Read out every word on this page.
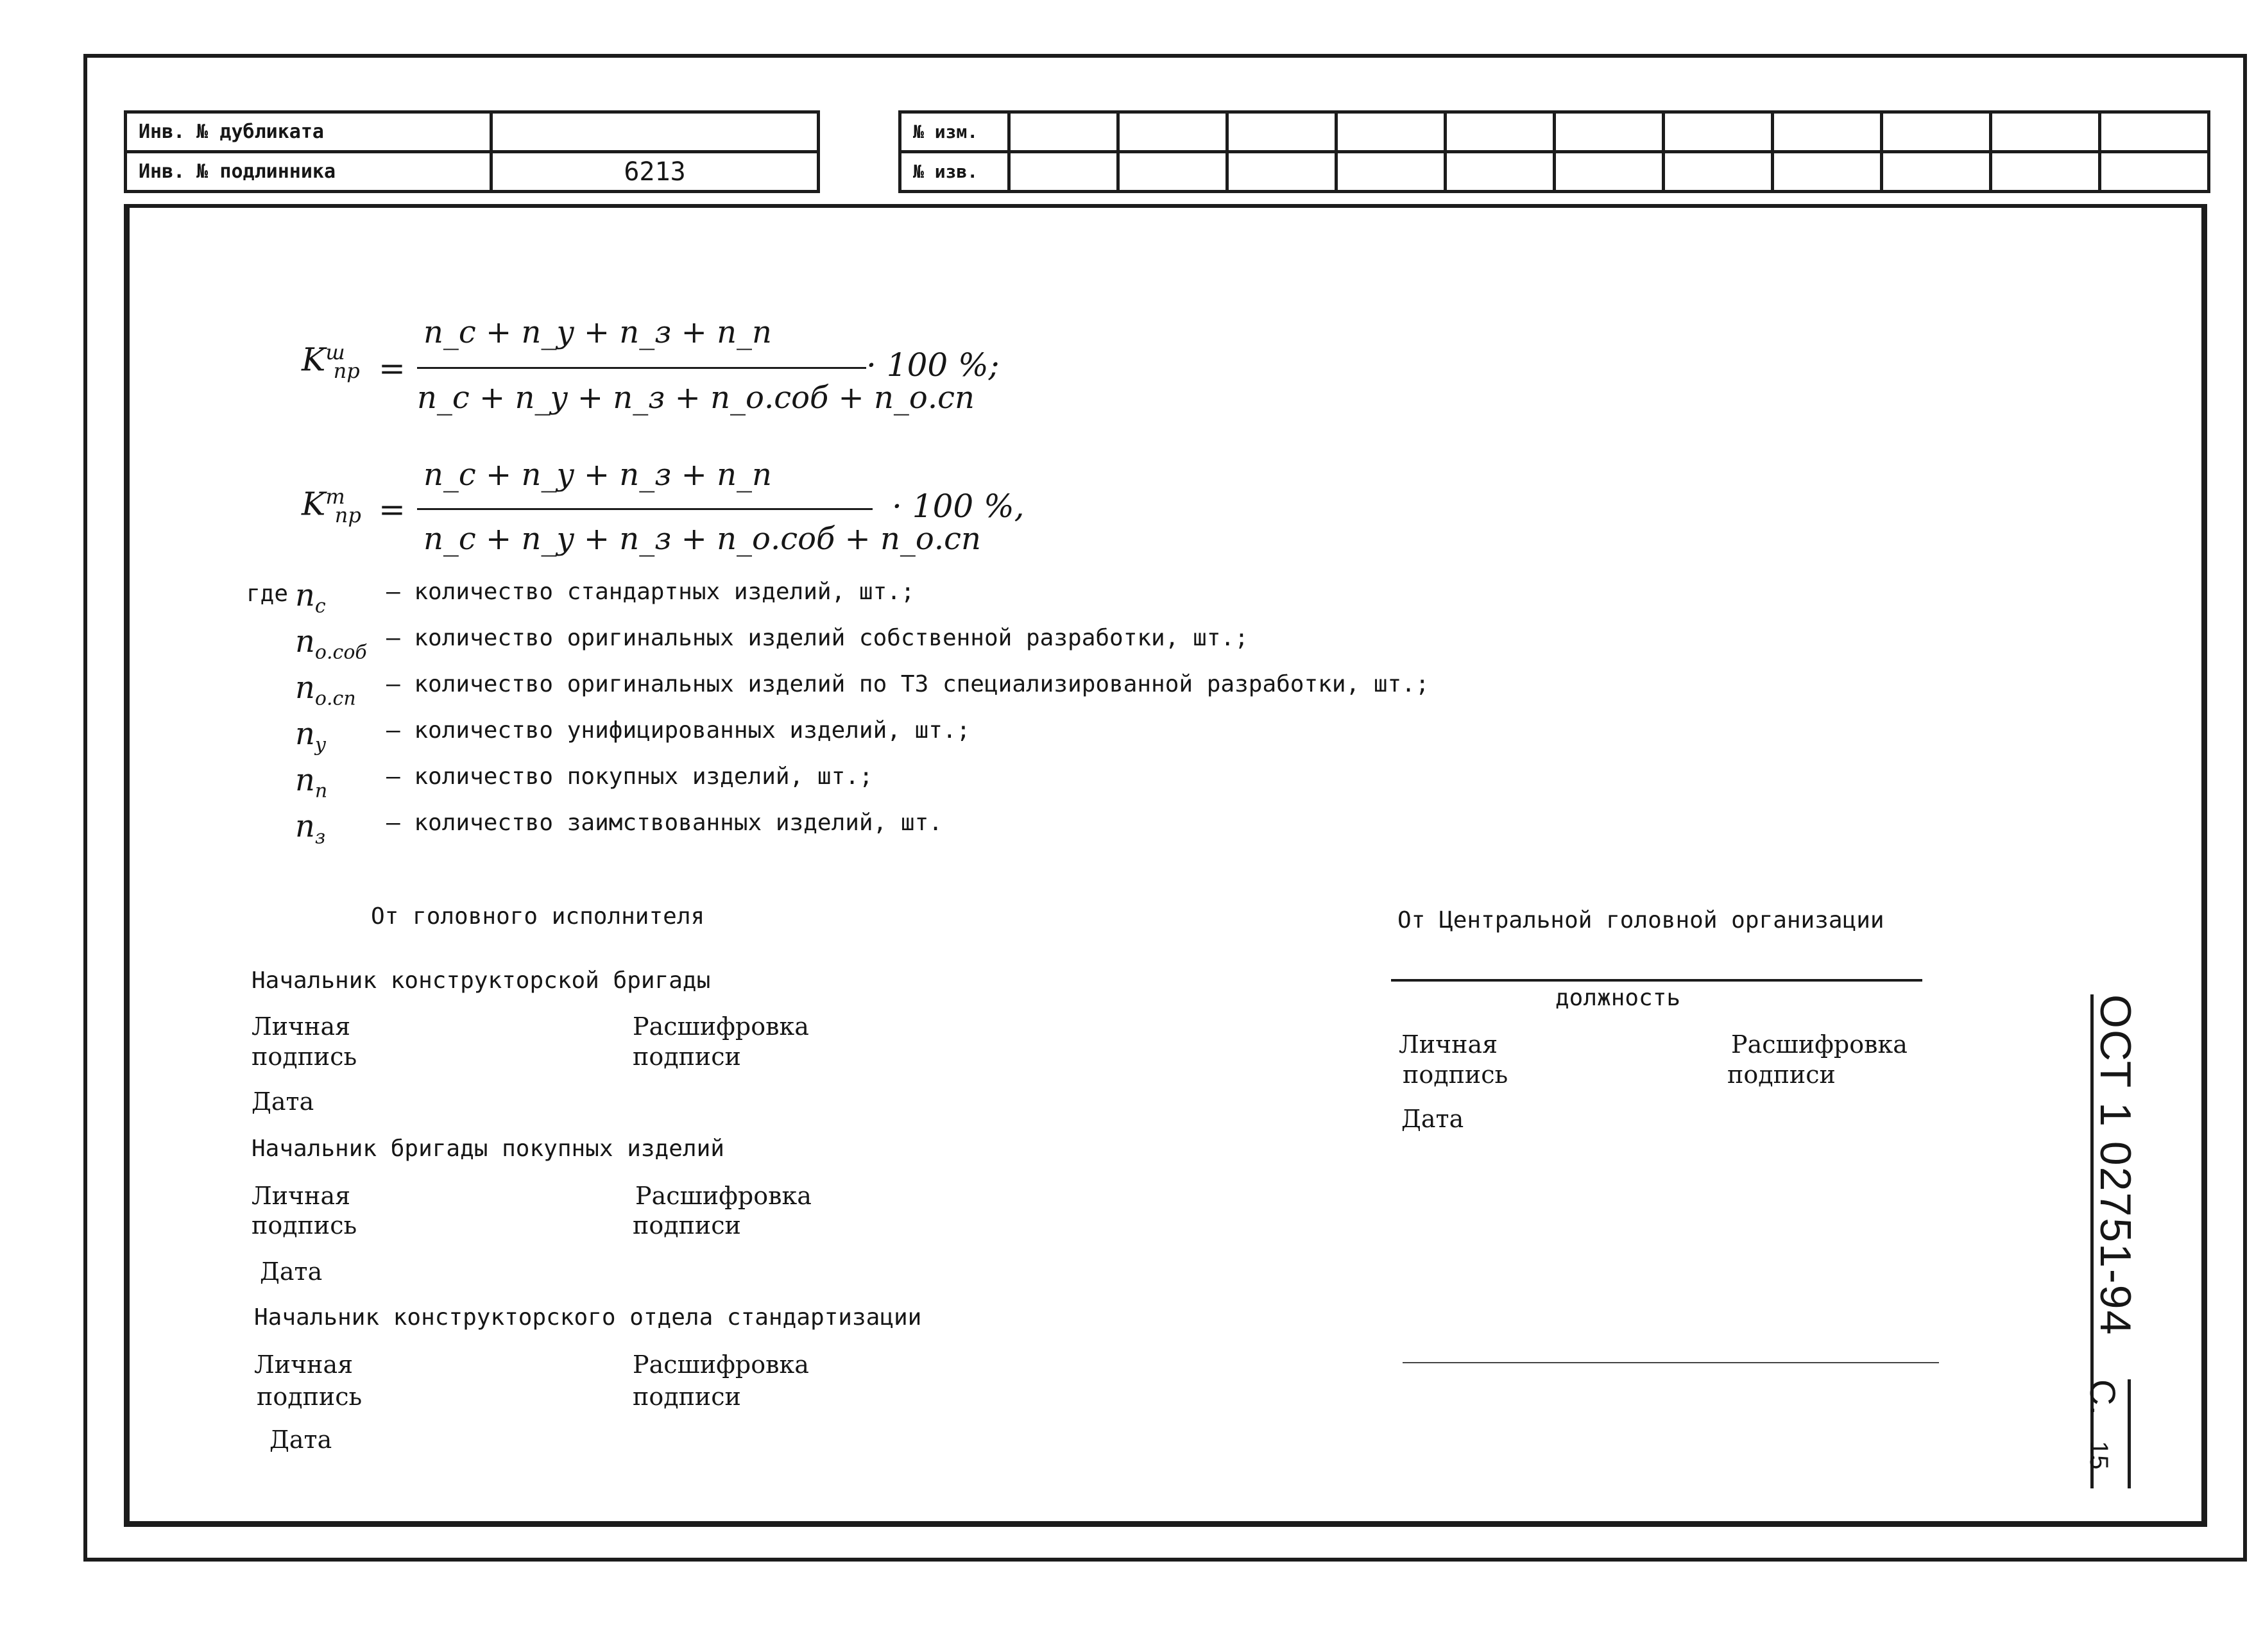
Инв. № дубликата	
Инв. № подлинника	6213
№ изм.											
№ изв.											
$K^ш_{пр}$ =
n_c + n_y + n_з + n_п
n_c + n_y + n_з + n_о.соб + n_о.сп
· 100 %;
$K^т_{пр}$ =
n_c + n_y + n_з + n_п
n_c + n_y + n_з + n_о.соб + n_о.сп
· 100 %,
где $n_c$
– количество стандартных изделий, шт.;
$n_{о.соб}$
– количество оригинальных изделий собственной разработки, шт.;
$n_{о.сп}$
– количество оригинальных изделий по ТЗ специализированной разработки, шт.;
$n_у$
– количество унифицированных изделий, шт.;
$n_п$
– количество покупных изделий, шт.;
$n_з$
– количество заимствованных изделий, шт.
От головного исполнителя
Начальник конструкторской бригады
Личная
подпись
Расшифровка
подписи
Дата
Начальник бригады покупных изделий
Личная
подпись
Расшифровка
подписи
Дата
Начальник конструкторского отдела стандартизации
Личная
подпись
Расшифровка
подписи
Дата
От Центральной головной организации
должность
Личная
подпись
Расшифровка
подписи
Дата	ОСТ 1 02751-94
С.15
